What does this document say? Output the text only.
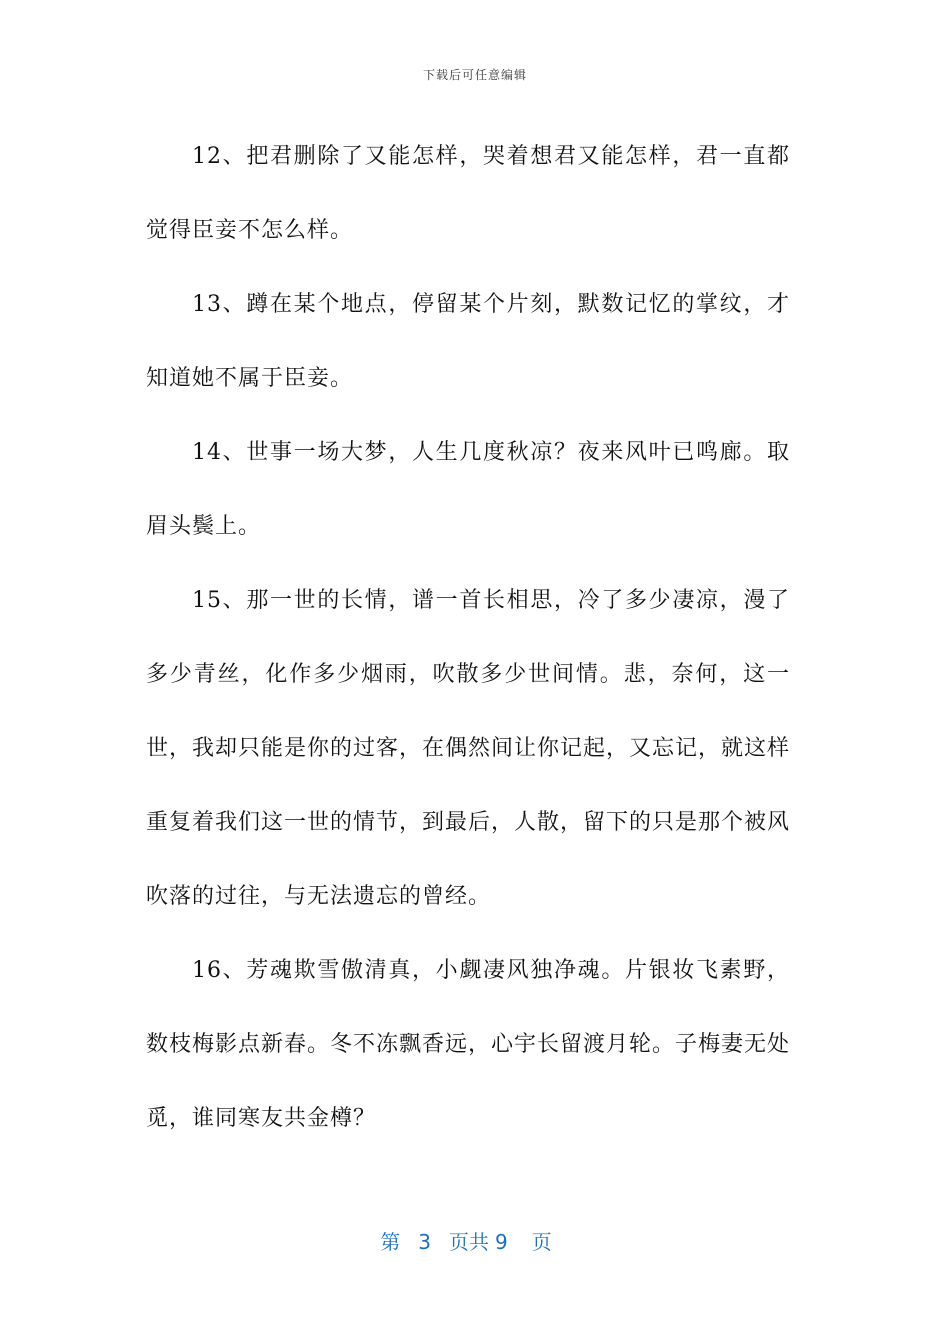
下载后可任意编辑

12、把君删除了又能怎样，哭着想君又能怎样，君一直都觉得臣妾不怎么样。

13、蹲在某个地点，停留某个片刻，默数记忆的掌纹，才知道她不属于臣妾。

14、世事一场大梦，人生几度秋凉？夜来风叶已鸣廊。取眉头鬓上。

15、那一世的长情，谱一首长相思，冷了多少凄凉，漫了多少青丝，化作多少烟雨，吹散多少世间情。悲，奈何，这一世，我却只能是你的过客，在偶然间让你记起，又忘记，就这样重复着我们这一世的情节，到最后，人散，留下的只是那个被风吹落的过往，与无法遗忘的曾经。

16、芳魂欺雪傲清真，小觑凄风独净魂。片银妆飞素野，数枝梅影点新春。冬不冻飘香远，心宇长留渡月轮。子梅妻无处觅，谁同寒友共金樽？

第 3 页共 9 页
